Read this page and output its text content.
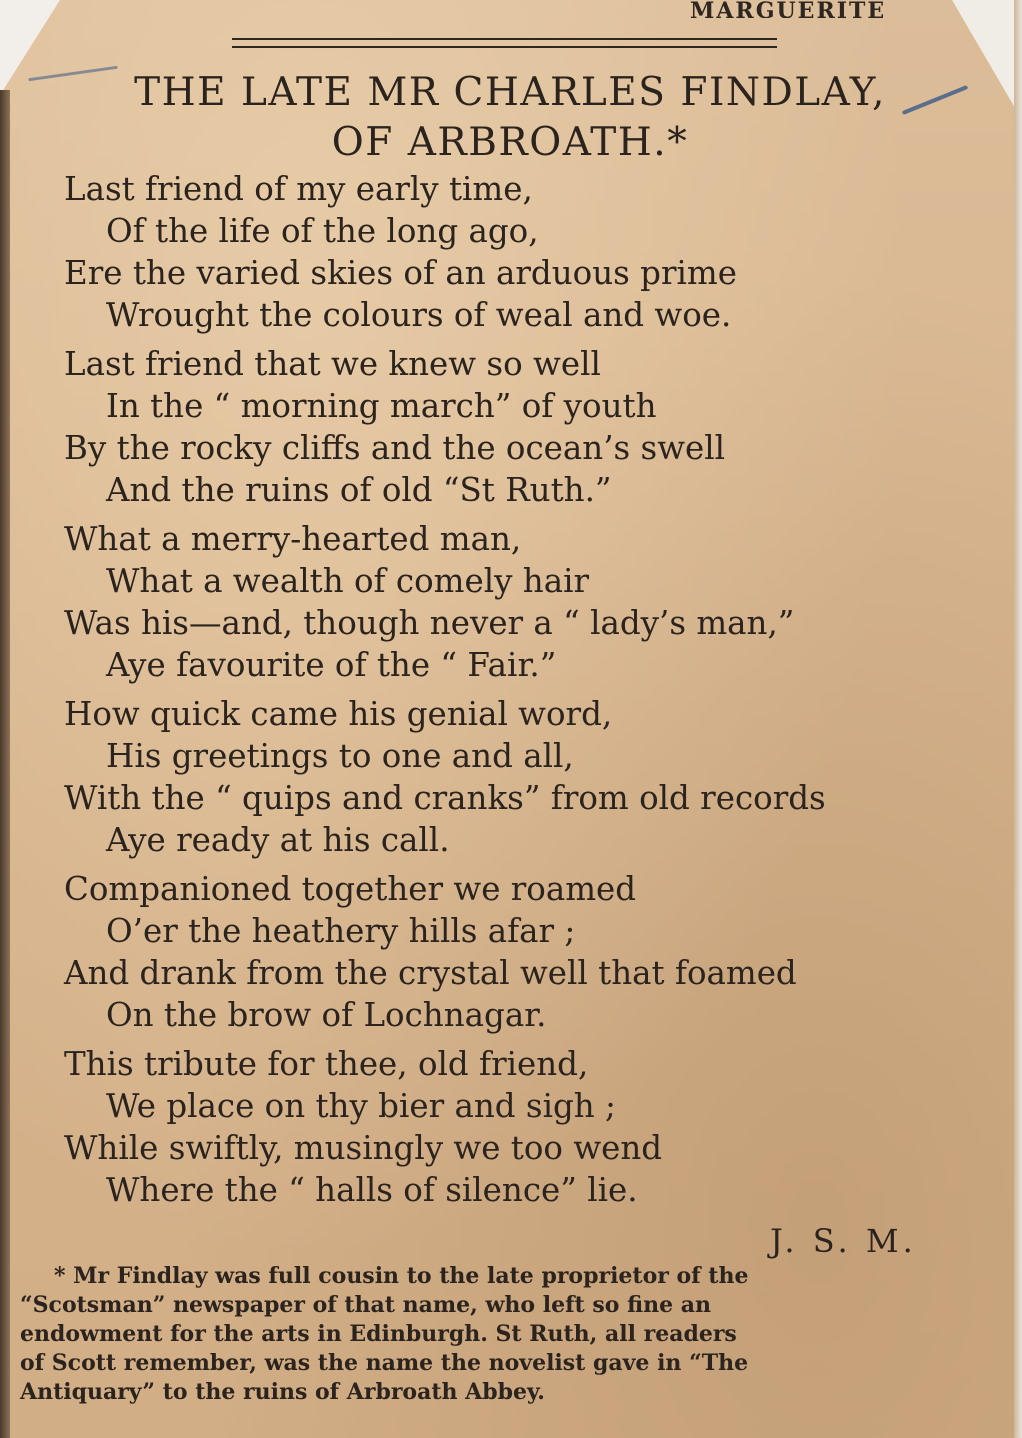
MARGUERITE
THE LATE MR CHARLES FINDLAY,
OF ARBROATH.*
Last friend of my early time,
Of the life of the long ago,
Ere the varied skies of an arduous prime
Wrought the colours of weal and woe.
Last friend that we knew so well
In the “ morning march” of youth
By the rocky cliffs and the ocean’s swell
And the ruins of old “St Ruth.”
What a merry-hearted man,
What a wealth of comely hair
Was his—and, though never a “ lady’s man,”
Aye favourite of the “ Fair.”
How quick came his genial word,
His greetings to one and all,
With the “ quips and cranks” from old records
Aye ready at his call.
Companioned together we roamed
O’er the heathery hills afar ;
And drank from the crystal well that foamed
On the brow of Lochnagar.
This tribute for thee, old friend,
We place on thy bier and sigh ;
While swiftly, musingly we too wend
Where the “ halls of silence” lie.
J. S. M.
* Mr Findlay was full cousin to the late proprietor of the
“Scotsman” newspaper of that name, who left so fine an
endowment for the arts in Edinburgh. St Ruth, all readers
of Scott remember, was the name the novelist gave in “The
Antiquary” to the ruins of Arbroath Abbey.
